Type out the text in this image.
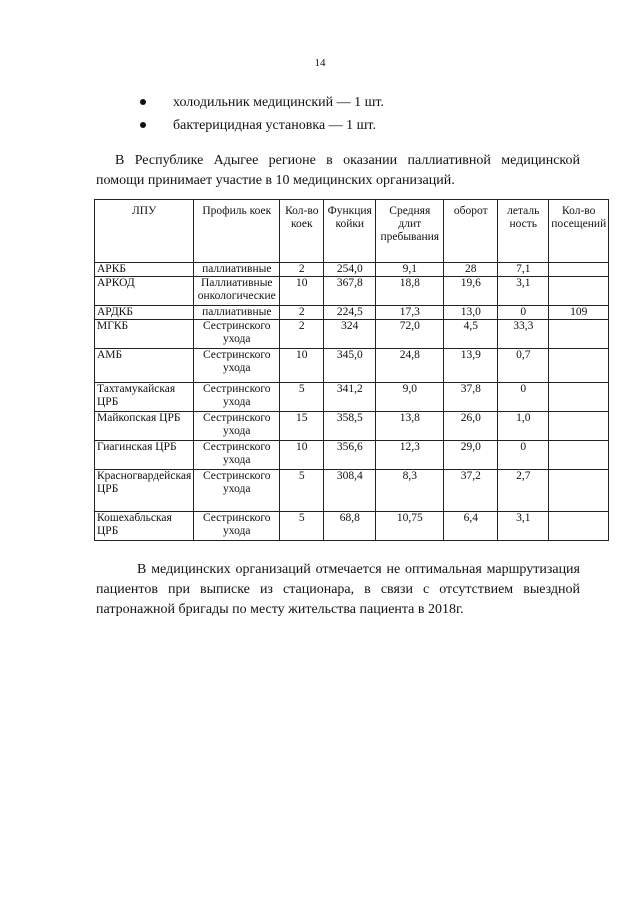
14
холодильник медицинский — 1 шт.
бактерицидная установка — 1 шт.

В Республике Адыгее регионе в оказании паллиативной медицинской помощи принимает участие в 10 медицинских организаций.

ЛПУ	Профиль коек	Кол-во коек	Функция койки	Средняя длит пребывания	оборот	леталь ность	Кол-во посещений
АРКБ	паллиативные	2	254,0	9,1	28	7,1	
АРКОД	Паллиативные онкологические	10	367,8	18,8	19,6	3,1	
АРДКБ	паллиативные	2	224,5	17,3	13,0	0	109
МГКБ	Сестринского ухода	2	324	72,0	4,5	33,3	
АМБ	Сестринского ухода	10	345,0	24,8	13,9	0,7	
Тахтамукайская ЦРБ	Сестринского ухода	5	341,2	9,0	37,8	0	
Майкопская ЦРБ	Сестринского ухода	15	358,5	13,8	26,0	1,0	
Гиагинская ЦРБ	Сестринского ухода	10	356,6	12,3	29,0	0	
Красногвардейская ЦРБ	Сестринского ухода	5	308,4	8,3	37,2	2,7	
Кошехабльская ЦРБ	Сестринского ухода	5	68,8	10,75	6,4	3,1	

В медицинских организаций отмечается не оптимальная маршрутизация пациентов при выписке из стационара, в связи с отсутствием выездной патронажной бригады по месту жительства пациента в 2018г.
